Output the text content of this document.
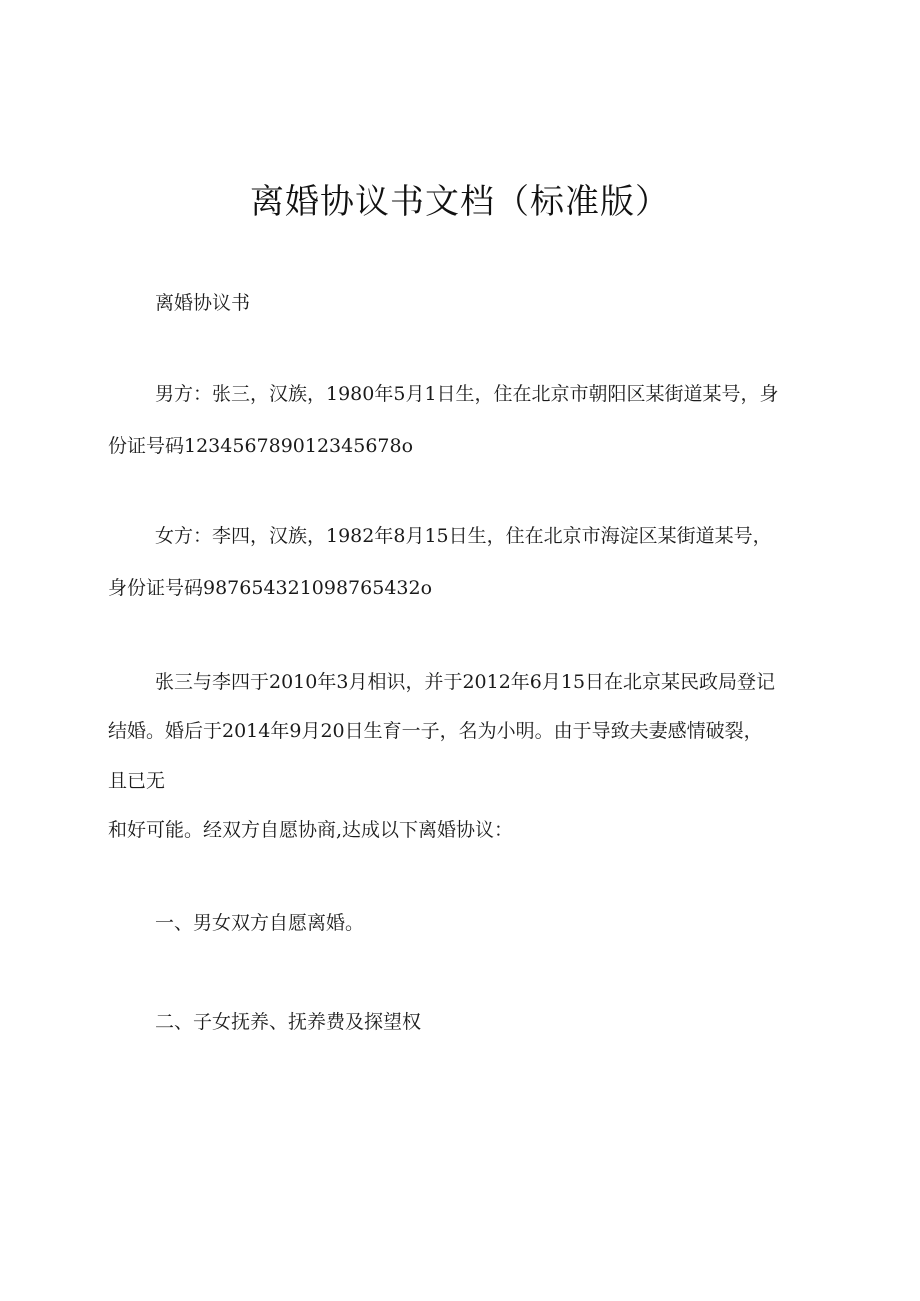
离婚协议书文档（标准版）
离婚协议书
男方：张三，汉族，1980年5月1日生，住在北京市朝阳区某街道某号，身
份证号码123456789012345678o
女方：李四，汉族，1982年8月15日生，住在北京市海淀区某街道某号，
身份证号码987654321098765432o
张三与李四于2010年3月相识，并于2012年6月15日在北京某民政局登记
结婚。婚后于2014年9月20日生育一子，名为小明。由于导致夫妻感情破裂，
且已无
和好可能。经双方自愿协商,达成以下离婚协议：
一、男女双方自愿离婚。
二、子女抚养、抚养费及探望权
